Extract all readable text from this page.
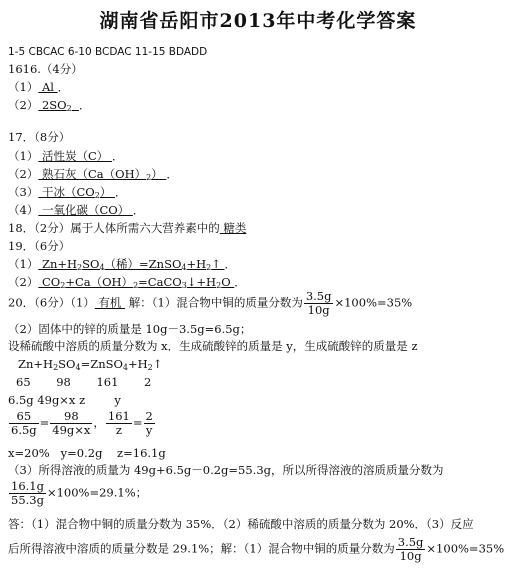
湖南省岳阳市2013年中考化学答案
1-5 CBCAC 6-10 BCDAC 11-15 BDADD
1616.（4分）
（1） Al ．
（2） $2SO_2$ ．
17．（8分）
（1） 活性炭（C） ．
（2） 熟石灰$(Ca(OH)_2)$ ．
（3） 干冰$(CO_2)$ ．
（4） 一氧化碳（CO） ．
18．（2分）属于人体所需六大营养素中的 糖类
19．（6分）
（1） $Zn+H_2SO_4$（稀）$=ZnSO_4+H_2↑$ ．
（2） $CO_2+Ca(OH)_2=CaCO_3↓+H_2O$ ．
20．（6分）（1） 有机  解：（1）混合物中铜的质量分数为 $\frac{3.5g}{10g} \times 100\%=35\%$
（2）固体中的锌的质量是 10g－3.5g=6.5g；
设稀硫酸中溶质的质量分数为 x．生成硫酸锌的质量是 y，生成硫酸锌的质量是 z
$Zn+H_2SO_4=ZnSO_4+H_2↑$
65       98       161       2
6.5g 49g×x z        y
$\frac{65}{6.5g} = \frac{98}{49g\times x}$ ， $\frac{161}{z} = \frac{2}{y}$
x=20%   y=0.2g    z=16.1g
（3）所得溶液的质量为 49g+6.5g－0.2g=55.3g，所以所得溶液的溶质质量分数为
$\frac{16.1g}{55.3g} \times 100\%=29.1\%$；
答：（1）混合物中铜的质量分数为 35%．（2）稀硫酸中溶质的质量分数为 20%．（3）反应
后所得溶液中溶质的质量分数是 29.1%；解：（1）混合物中铜的质量分数为 $\frac{3.5g}{10g} \times 100\%=35\%$
